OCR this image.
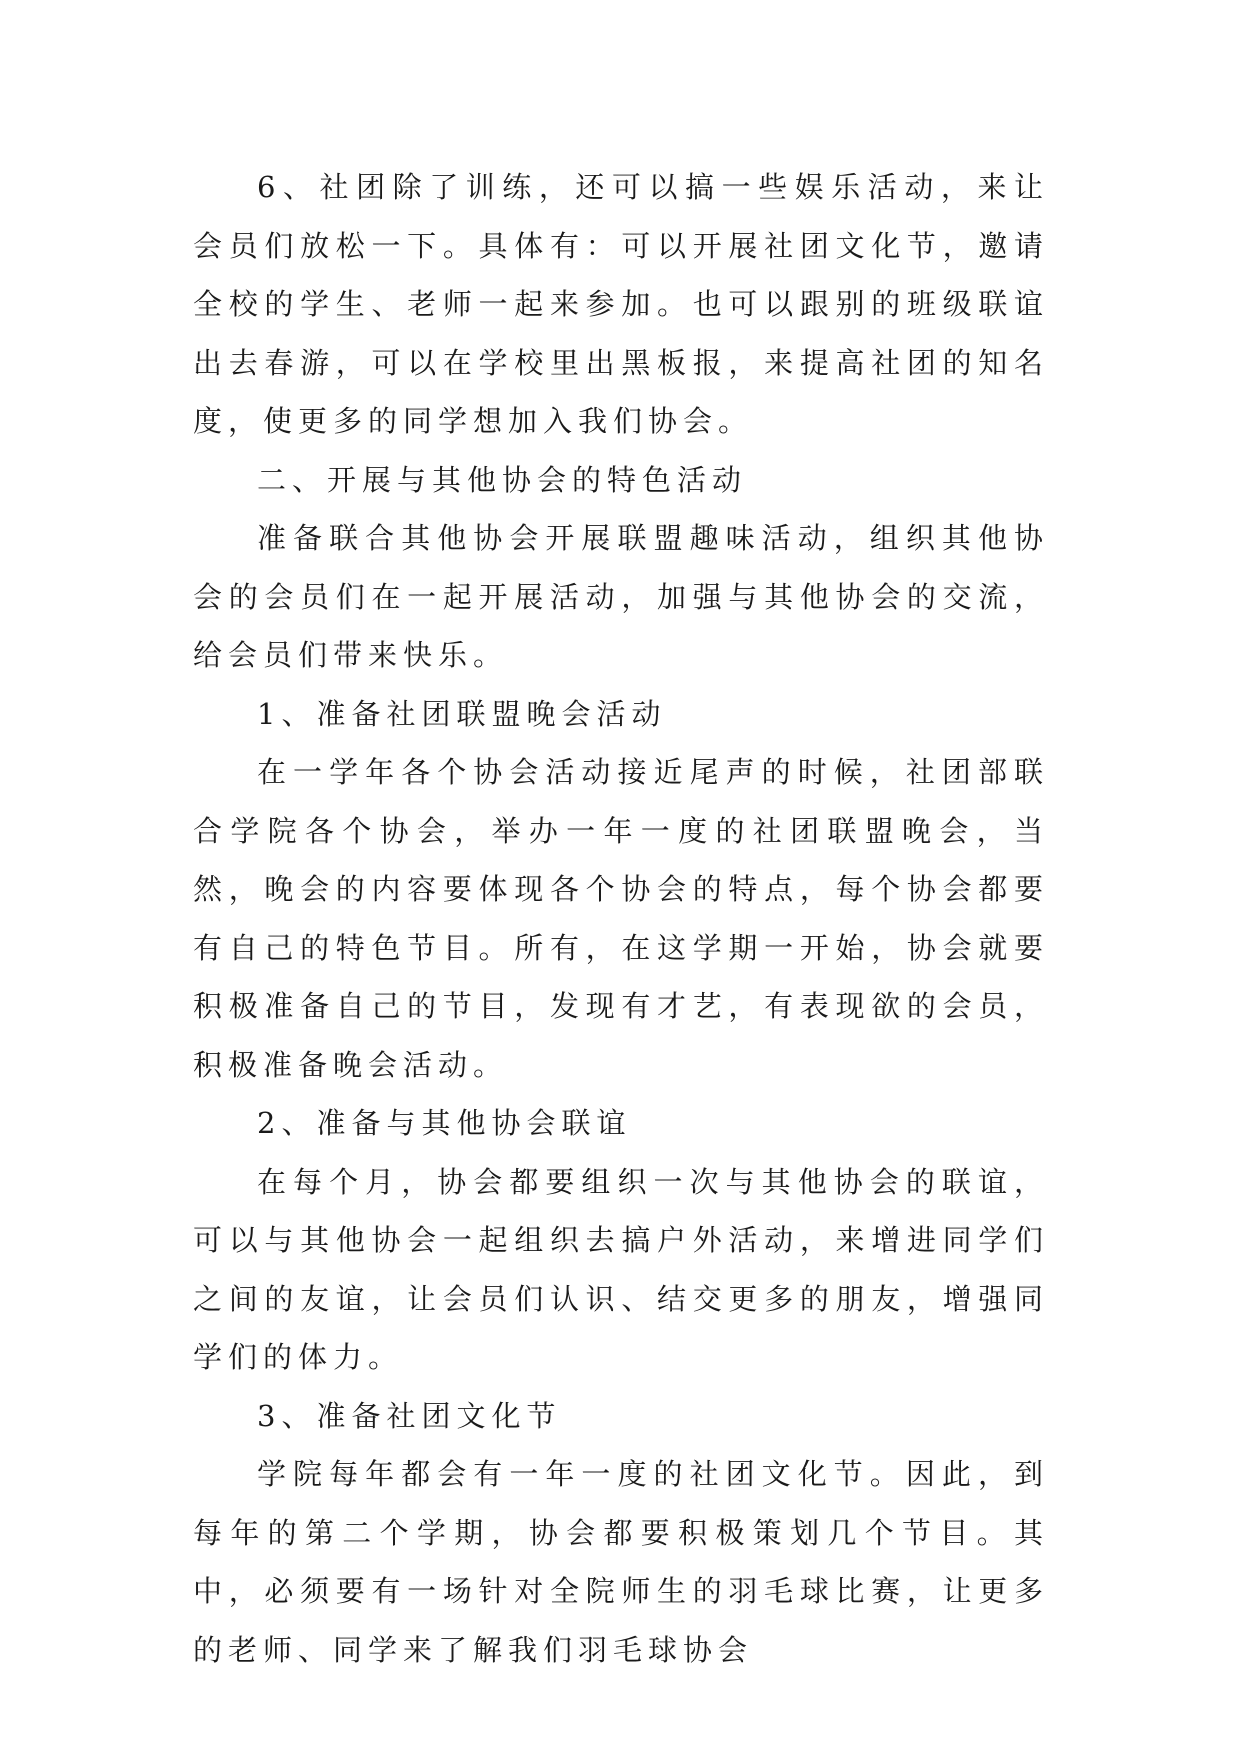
6、社团除了训练，还可以搞一些娱乐活动，来让会员们放松一下。具体有：可以开展社团文化节，邀请全校的学生、老师一起来参加。也可以跟别的班级联谊出去春游，可以在学校里出黑板报，来提高社团的知名度，使更多的同学想加入我们协会。

二、开展与其他协会的特色活动

准备联合其他协会开展联盟趣味活动，组织其他协会的会员们在一起开展活动，加强与其他协会的交流，给会员们带来快乐。

1、准备社团联盟晚会活动

在一学年各个协会活动接近尾声的时候，社团部联合学院各个协会，举办一年一度的社团联盟晚会，当然，晚会的内容要体现各个协会的特点，每个协会都要有自己的特色节目。所有，在这学期一开始，协会就要积极准备自己的节目，发现有才艺，有表现欲的会员，积极准备晚会活动。

2、准备与其他协会联谊

在每个月，协会都要组织一次与其他协会的联谊，可以与其他协会一起组织去搞户外活动，来增进同学们之间的友谊，让会员们认识、结交更多的朋友，增强同学们的体力。

3、准备社团文化节

学院每年都会有一年一度的社团文化节。因此，到每年的第二个学期，协会都要积极策划几个节目。其中，必须要有一场针对全院师生的羽毛球比赛，让更多的老师、同学来了解我们羽毛球协会
